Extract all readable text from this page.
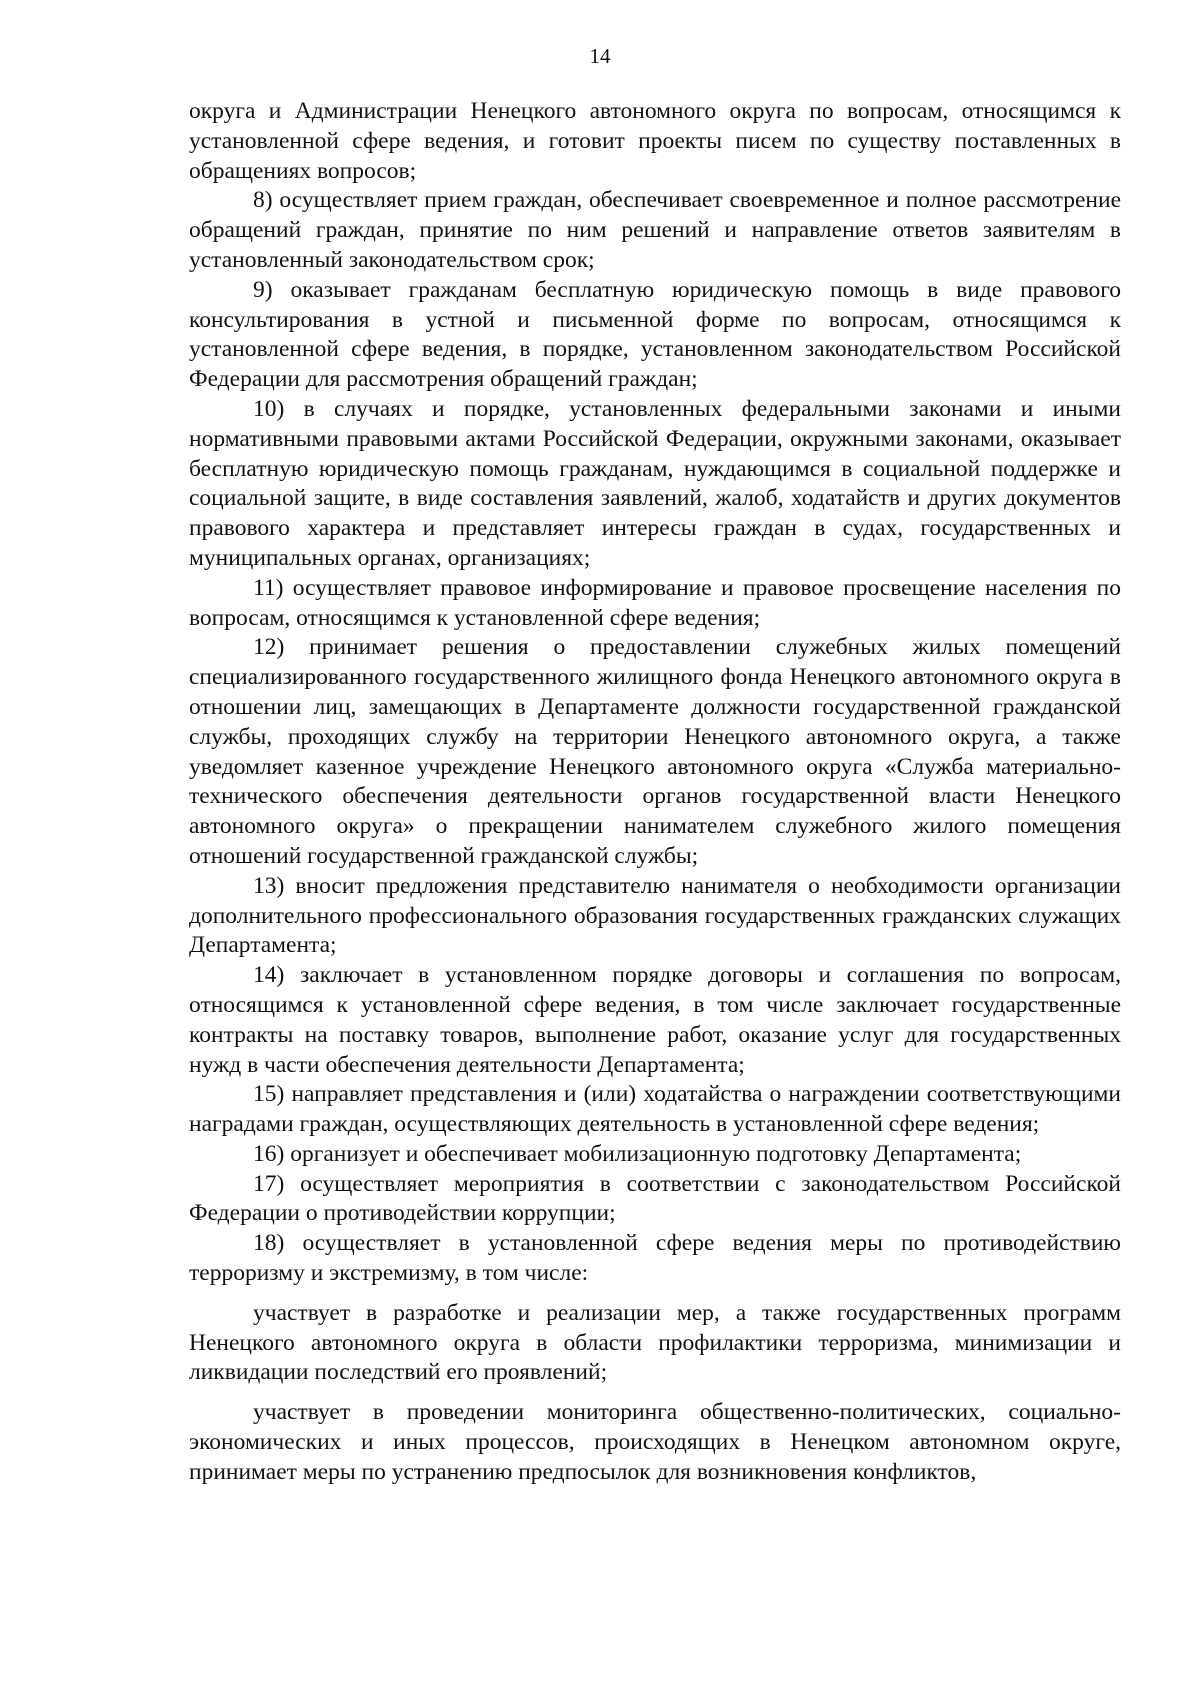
14

округа и Администрации Ненецкого автономного округа по вопросам, относящимся к установленной сфере ведения, и готовит проекты писем по существу поставленных в обращениях вопросов;

8) осуществляет прием граждан, обеспечивает своевременное и полное рассмотрение обращений граждан, принятие по ним решений и направление ответов заявителям в установленный законодательством срок;

9) оказывает гражданам бесплатную юридическую помощь в виде правового консультирования в устной и письменной форме по вопросам, относящимся к установленной сфере ведения, в порядке, установленном законодательством Российской Федерации для рассмотрения обращений граждан;

10) в случаях и порядке, установленных федеральными законами и иными нормативными правовыми актами Российской Федерации, окружными законами, оказывает бесплатную юридическую помощь гражданам, нуждающимся в социальной поддержке и социальной защите, в виде составления заявлений, жалоб, ходатайств и других документов правового характера и представляет интересы граждан в судах, государственных и муниципальных органах, организациях;

11) осуществляет правовое информирование и правовое просвещение населения по вопросам, относящимся к установленной сфере ведения;

12) принимает решения о предоставлении служебных жилых помещений специализированного государственного жилищного фонда Ненецкого автономного округа в отношении лиц, замещающих в Департаменте должности государственной гражданской службы, проходящих службу на территории Ненецкого автономного округа, а также уведомляет казенное учреждение Ненецкого автономного округа «Служба материально-технического обеспечения деятельности органов государственной власти Ненецкого автономного округа» о прекращении нанимателем служебного жилого помещения отношений государственной гражданской службы;

13) вносит предложения представителю нанимателя о необходимости организации дополнительного профессионального образования государственных гражданских служащих Департамента;

14) заключает в установленном порядке договоры и соглашения по вопросам, относящимся к установленной сфере ведения, в том числе заключает государственные контракты на поставку товаров, выполнение работ, оказание услуг для государственных нужд в части обеспечения деятельности Департамента;

15) направляет представления и (или) ходатайства о награждении соответствующими наградами граждан, осуществляющих деятельность в установленной сфере ведения;

16) организует и обеспечивает мобилизационную подготовку Департамента;

17) осуществляет мероприятия в соответствии с законодательством Российской Федерации о противодействии коррупции;

18) осуществляет в установленной сфере ведения меры по противодействию терроризму и экстремизму, в том числе:

участвует в разработке и реализации мер, а также государственных программ Ненецкого автономного округа в области профилактики терроризма, минимизации и ликвидации последствий его проявлений;

участвует в проведении мониторинга общественно-политических, социально-экономических и иных процессов, происходящих в Ненецком автономном округе, принимает меры по устранению предпосылок для возникновения конфликтов,
